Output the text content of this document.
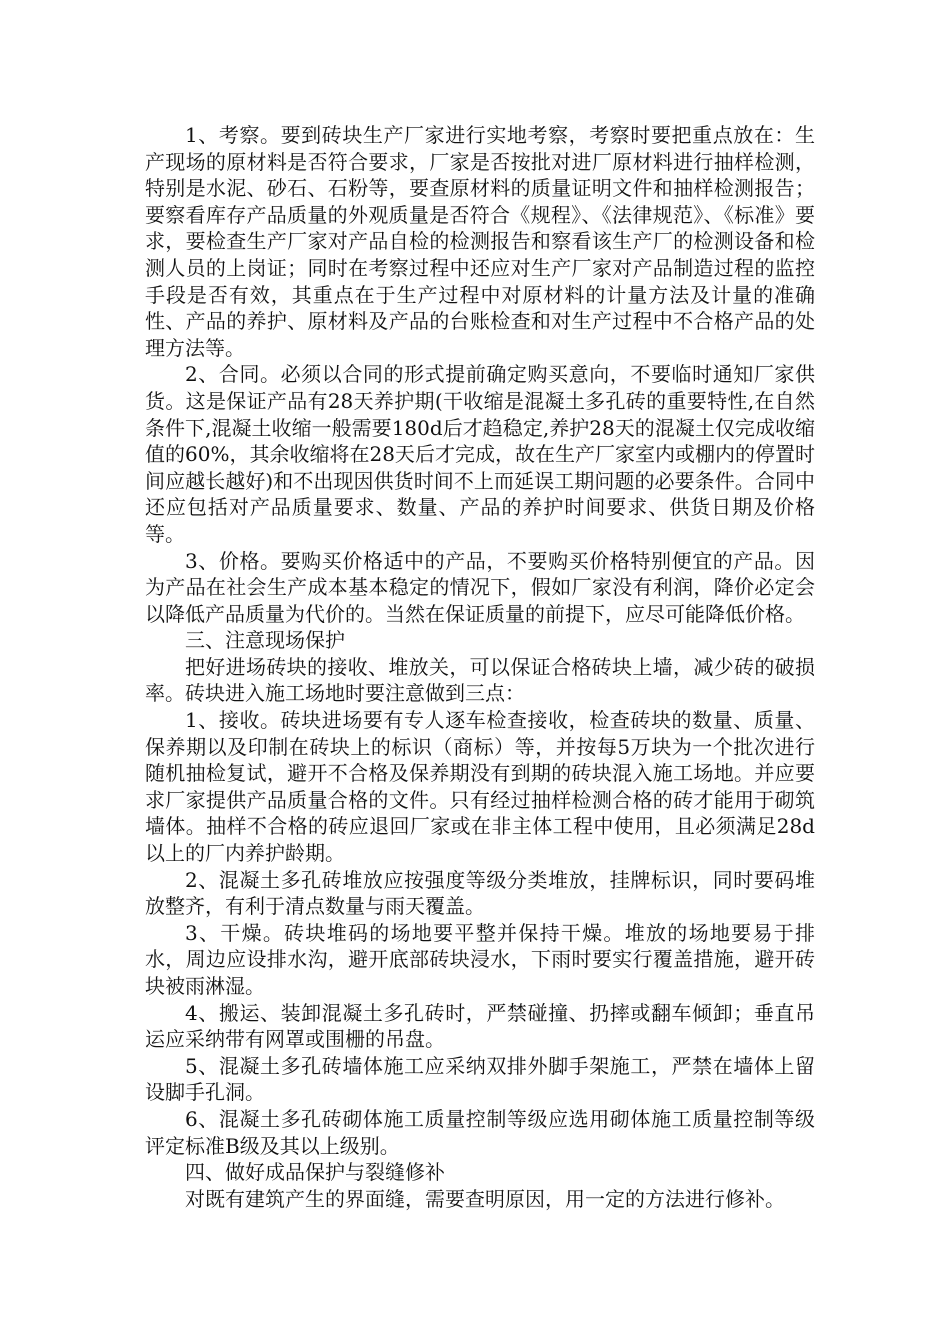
1、考察。要到砖块生产厂家进行实地考察，考察时要把重点放在：生产现场的原材料是否符合要求，厂家是否按批对进厂原材料进行抽样检测，特别是水泥、砂石、石粉等，要查原材料的质量证明文件和抽样检测报告；要察看库存产品质量的外观质量是否符合《规程》、《法律规范》、《标准》要求，要检查生产厂家对产品自检的检测报告和察看该生产厂的检测设备和检测人员的上岗证；同时在考察过程中还应对生产厂家对产品制造过程的监控手段是否有效，其重点在于生产过程中对原材料的计量方法及计量的准确性、产品的养护、原材料及产品的台账检查和对生产过程中不合格产品的处理方法等。

2、合同。必须以合同的形式提前确定购买意向，不要临时通知厂家供货。这是保证产品有28天养护期(干收缩是混凝土多孔砖的重要特性,在自然条件下,混凝土收缩一般需要180d后才趋稳定,养护28天的混凝土仅完成收缩值的60%，其余收缩将在28天后才完成，故在生产厂家室内或棚内的停置时间应越长越好)和不出现因供货时间不上而延误工期问题的必要条件。合同中还应包括对产品质量要求、数量、产品的养护时间要求、供货日期及价格等。

3、价格。要购买价格适中的产品，不要购买价格特别便宜的产品。因为产品在社会生产成本基本稳定的情况下，假如厂家没有利润，降价必定会以降低产品质量为代价的。当然在保证质量的前提下，应尽可能降低价格。

三、注意现场保护

把好进场砖块的接收、堆放关，可以保证合格砖块上墙，减少砖的破损率。砖块进入施工场地时要注意做到三点：

1、接收。砖块进场要有专人逐车检查接收，检查砖块的数量、质量、保养期以及印制在砖块上的标识（商标）等，并按每5万块为一个批次进行随机抽检复试，避开不合格及保养期没有到期的砖块混入施工场地。并应要求厂家提供产品质量合格的文件。只有经过抽样检测合格的砖才能用于砌筑墙体。抽样不合格的砖应退回厂家或在非主体工程中使用，且必须满足28d以上的厂内养护龄期。

2、混凝土多孔砖堆放应按强度等级分类堆放，挂牌标识，同时要码堆放整齐，有利于清点数量与雨天覆盖。

3、干燥。砖块堆码的场地要平整并保持干燥。堆放的场地要易于排水，周边应设排水沟，避开底部砖块浸水，下雨时要实行覆盖措施，避开砖块被雨淋湿。

4、搬运、装卸混凝土多孔砖时，严禁碰撞、扔摔或翻车倾卸；垂直吊运应采纳带有网罩或围栅的吊盘。

5、混凝土多孔砖墙体施工应采纳双排外脚手架施工，严禁在墙体上留设脚手孔洞。

6、混凝土多孔砖砌体施工质量控制等级应选用砌体施工质量控制等级评定标准B级及其以上级别。

四、做好成品保护与裂缝修补

对既有建筑产生的界面缝，需要查明原因，用一定的方法进行修补。
